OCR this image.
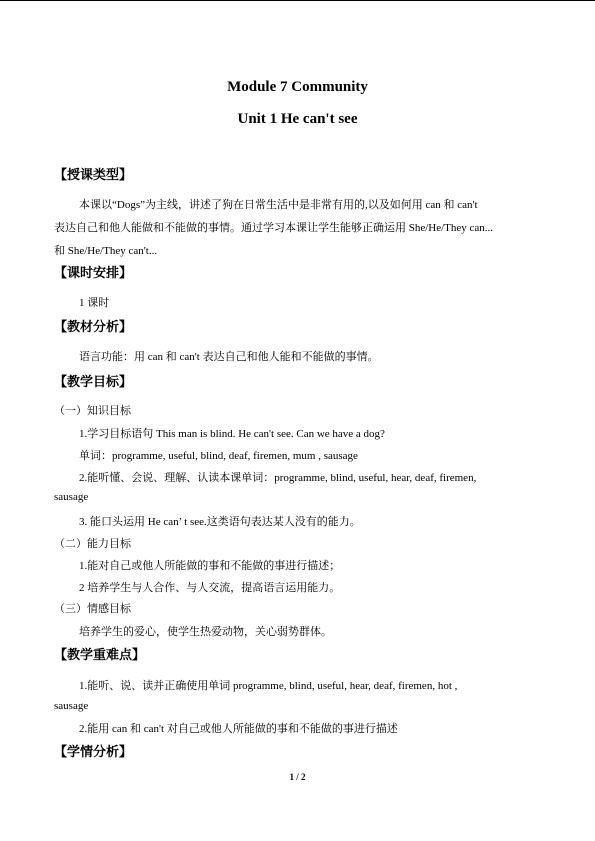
Module 7 Community
Unit 1 He can't see
【授课类型】
本课以“Dogs”为主线，讲述了狗在日常生活中是非常有用的,以及如何用 can 和 can't
表达自己和他人能做和不能做的事情。通过学习本课让学生能够正确运用 She/He/They can...
和 She/He/They can't...
【课时安排】
1 课时
【教材分析】
语言功能：用 can 和 can't 表达自己和他人能和不能做的事情。
【教学目标】
（一）知识目标
1.学习目标语句 This man is blind. He can't see. Can we have a dog?
单词：programme, useful, blind, deaf, firemen, mum , sausage
2.能听懂、会说、理解、认读本课单词：programme, blind, useful, hear, deaf, firemen,
sausage
3. 能口头运用 He can’ t see.这类语句表达某人没有的能力。
（二）能力目标
1.能对自己或他人所能做的事和不能做的事进行描述；
2 培养学生与人合作、与人交流，提高语言运用能力。
（三）情感目标
培养学生的爱心，使学生热爱动物，关心弱势群体。
【教学重难点】
1.能听、说、读并正确使用单词 programme, blind, useful, hear, deaf, firemen, hot ,
sausage
2.能用 can 和 can't 对自己或他人所能做的事和不能做的事进行描述
【学情分析】
1 / 2
